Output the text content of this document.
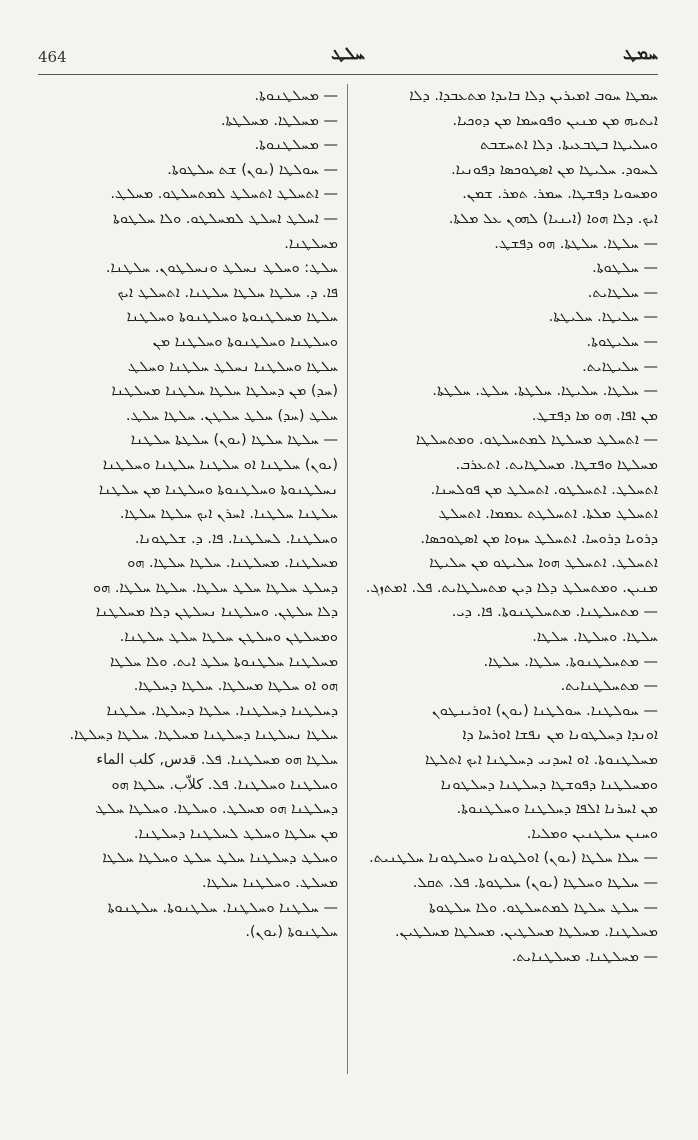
464	ܚܠܛ	ܚܡܛ
ܚܡܛܐ ܚܘܒ ܐܡܝܪܝܢ ܕܠܐ ܒܐܝܕܐ ܡܬܥܒܕܐ. ܕܠܐ
ܐܝܬܝܗ ܡܢ ܡܢܝܢ ܘܦܘܚܡܐ ܡܢ ܕܘܟܝܐ.
ܘܚܠܝܛܐ ܒܛܒܥܝܬܐ. ܕܠܐ ܐܬܚܫܒܬ
ܠܚܘܕ. ܚܠܝܛܐ ܡܢ ܐܣܛܘܟܣܐ ܕܦܘܢܝܐ.
ܘܡܚܘܝܐ ܕܦܫܛܐ. ܚܡܪ. ܬܡܪ. ܫܡܢ.
ܐܝܟ. ܕܠܐ ܗܘܐ (ܐܝܢܝܐ) ܠܗܘܢ ܥܠ ܡܠܬܐ.
— ܚܠܛܐ. ܚܠܛܬܐ. ܗܘ ܕܦܫܛ.
— ܚܠܛܘܬܐ.
— ܚܠܛܐܝܬ.
— ܚܠܝܛܐ. ܚܠܝܛܬܐ.
— ܚܠܝܛܘܬܐ.
— ܚܠܝܛܐܝܬ.
— ܚܠܛܐ. ܚܠܝܛܐ. ܚܠܛܬܐ. ܚܠܛ. ܚܠܛܬܐ.
ܡܢ ܐܦܐ. ܗܘ ܡܐ ܕܦܫܛ.
— ܐܬܚܠܛ ܡܚܠܛܐ ܠܡܬܚܠܛܘ. ܘܡܬܚܠܛܐ
ܡܚܠܛܐ ܘܦܫܛܐ. ܡܚܠܛܐܝܬ. ܐܬܥܪܒ.
ܐܬܚܠܛ. ܐܬܚܠܛܘ. ܐܬܚܠܛ ܡܢ ܦܘܠܚܢܐ.
ܐܬܚܠܛ ܡܠܬܐ. ܐܬܚܠܛܬ ܥܡܡܐ. ܐܬܚܠܛ
ܕܪܘܝܐ ܕܪܘܚܐ. ܐܬܚܠܛ ܚܙܘܐ ܡܢ ܐܣܛܘܟܣܐ.
ܐܬܚܠܛ. ܐܬܚܠܛ ܗܘܐ ܚܠܝܛܘ ܡܢ ܚܠܝܛܐ
ܡܢܝܢ. ܘܡܬܚܠܛ ܕܠܐ ܕܝܢ ܡܬܚܠܛܐܝܬ. ܦܠ. ܐܡܬܙܓ.
— ܡܬܚܠܛܢܐ. ܡܬܚܠܛܢܘܬܐ. ܦܐ. ܕܝ.
ܚܠܛܐ. ܘܚܠܛܐ. ܚܠܛܐ.
— ܡܬܚܠܛܢܘܬܐ. ܚܠܛܐ. ܚܠܛܐ.
— ܡܬܚܠܛܢܐܝܬ.
— ܚܘܠܛܢܐ. ܚܘܠܛܢܐ (ܝܘܢ) ܐܘܪܝܢܛܘܢ
ܐܘܢܕܐ ܕܚܠܛܘܢܐ ܡܢ ܢܦܫܐ ܐܘܪܚܐ ܕܐ
ܡܚܠܛܢܘܬܐ. ܐܘ ܐܚܕܢܝ ܕܚܠܛܢܐ ܐܝܟ ܐܬܠܛܐ
ܘܡܚܠܛܢܐ ܕܦܘܫܛܐ ܕܚܠܛܢܐ ܕܚܠܛܘܢܐ
ܡܢ ܐܚܪܢܐ ܐܠܦܐ ܕܚܠܛܢܐ ܘܚܠܛܢܘܬܐ.
ܘܚܢܢ ܚܠܛܢܝܢ ܘܡܠܝܐ.
— ܚܠܐ ܚܠܛܐ (ܝܘܢ) ܐܘܠܛܘܢܐ ܘܚܠܛܘܢܐ ܚܠܛܢܝܬ.
— ܚܠܛܐ ܘܚܠܛܐ (ܝܘܢ) ܚܠܛܘܬܐ. ܦܠ. ܬܩܠ.
— ܚܠܛ ܚܠܛܐ ܠܡܬܚܠܛܘ. ܘܠܐ ܚܠܛܘܬܐ
ܡܚܠܛܢܐ. ܡܚܠܛܐ ܡܚܠܛܝܢ. ܡܚܠܛܐ ܡܚܠܛܝܢ.
— ܡܚܠܛܢܐ. ܡܚܠܛܢܐܝܬ.
— ܡܚܠܛܢܘܬܐ.
— ܡܚܠܛܐ. ܡܚܠܛܬܐ.
— ܡܚܠܛܢܘܬܐ.
— ܚܘܠܛܐ (ܝܘܢ) ܫܬ ܚܠܛܘܬܐ.
— ܐܬܚܠܛ ܐܬܚܠܛ ܠܡܬܚܠܛܘ. ܡܚܠܛ.
— ܐܚܠܛ ܐܚܠܛ ܠܡܚܠܛܘ. ܘܠܐ ܚܠܛܘܬܐ
ܡܚܠܛܢܐ.
ܚܠܛ: ܘܚܠܛ ܢܚܠܛ ܘܢܚܠܛܘܢ. ܚܠܛܢܐ.
ܦܐ. ܕ. ܚܠܛܐ ܚܠܛܐ ܚܠܛܢܐ. ܐܬܚܠܛ ܐܝܟ
ܚܠܛܐ ܡܚܠܛܢܘܬܐ ܘܚܠܛܢܘܬܐ ܘܚܠܛܢܐ
ܘܚܠܛܢܐ ܘܚܠܛܢܘܬܐ ܘܚܠܛܢܐ ܡܢ
ܚܠܛܐ ܘܚܠܛܢܐ ܢܚܠܛ ܚܠܛܢܐ ܘܚܠܛ
(ܚܕ) ܡܢ ܕܚܠܛܐ ܚܠܛܐ ܚܠܛܢܐ ܡܚܠܛܢܐ
ܚܠܛ (ܚܕ) ܚܠܛ ܚܠܛܢ. ܚܠܛܐ ܚܠܛ.
— ܚܠܛܐ ܚܠܛܐ (ܝܘܢ) ܚܠܛܬܐ ܚܠܛܢܐ
(ܝܘܢ) ܚܠܛܢܐ ܐܘ ܚܠܛܢܐ ܚܠܛܢܐ ܘܚܠܛܢܐ
ܢܚܠܛܢܘܬܐ ܘܚܠܛܢܘܬܐ ܘܚܠܛܢܐ ܡܢ ܚܠܛܢܐ
ܚܠܛܢܐ ܚܠܛܢܐ. ܐܚܪܢ ܐܝܟ ܚܠܛܐ ܚܠܛܐ.
ܘܚܠܛܢܐ. ܠܚܠܛܢܐ. ܦܐ. ܕ. ܫܠܛܘܢܐ.
ܡܚܠܛܢܐ. ܡܚܠܛܢܐ. ܚܠܛܐ ܚܠܛܐ. ܗܘ
ܕܚܠܛ ܚܠܛܐ ܚܠܛ ܚܠܛܐ. ܚܠܛܐ ܚܠܛܐ. ܗܘ
ܕܠܐ ܚܠܛܢ. ܘܚܠܛܢܐ ܢܚܠܛܢ ܕܠܐ ܡܚܠܛܢܐ
ܘܡܚܠܛܢ ܘܚܠܛܢ ܚܠܛܐ ܚܠܛ ܚܠܛܢܐ.
ܡܚܠܛܢܐ ܚܠܛܢܘܬܐ ܚܠܛ ܐܝܬ. ܘܠܐ ܚܠܛܐ
ܗܘ ܐܘ ܚܠܛܐ ܡܚܠܛܐ. ܚܠܛܐ ܕܚܠܛܐ.
ܕܚܠܛܢܐ ܕܚܠܛܢܐ. ܚܠܛܐ ܕܚܠܛܐ. ܚܠܛܢܐ
ܚܠܛܐ ܢܚܠܛܢܐ ܕܚܠܛܢܐ ܡܚܠܛܐ. ܚܠܛܐ ܕܚܠܛܐ.
ܚܠܛܐ ܗܘ ܡܚܠܛܢܐ. ܦܠ. قدس, كلب الماء
ܘܚܠܛܢܐ ܘܚܠܛܢܐ. ܦܠ. كلاّب. ܚܠܛܐ ܗܘ
ܕܚܠܛܢܐ ܗܘ ܡܚܠܛ. ܘܚܠܛܐ. ܘܚܠܛܐ ܚܠܛ
ܡܢ ܚܠܛܐ ܘܚܠܛ ܠܚܠܛܢܐ ܕܚܠܛܢܐ.
ܘܚܠܛ ܕܚܠܛܢܐ ܚܠܛ ܚܠܛ ܘܚܠܛܐ ܚܠܛܐ
ܡܚܠܛ. ܘܚܠܛܢܐ ܚܠܛܐ.
— ܚܠܛܢܐ ܘܚܠܛܢܐ. ܚܠܛܢܘܬܐ. ܚܠܛܢܘܬܐ
ܚܠܛܢܘܬܐ (ܝܘܢ).
